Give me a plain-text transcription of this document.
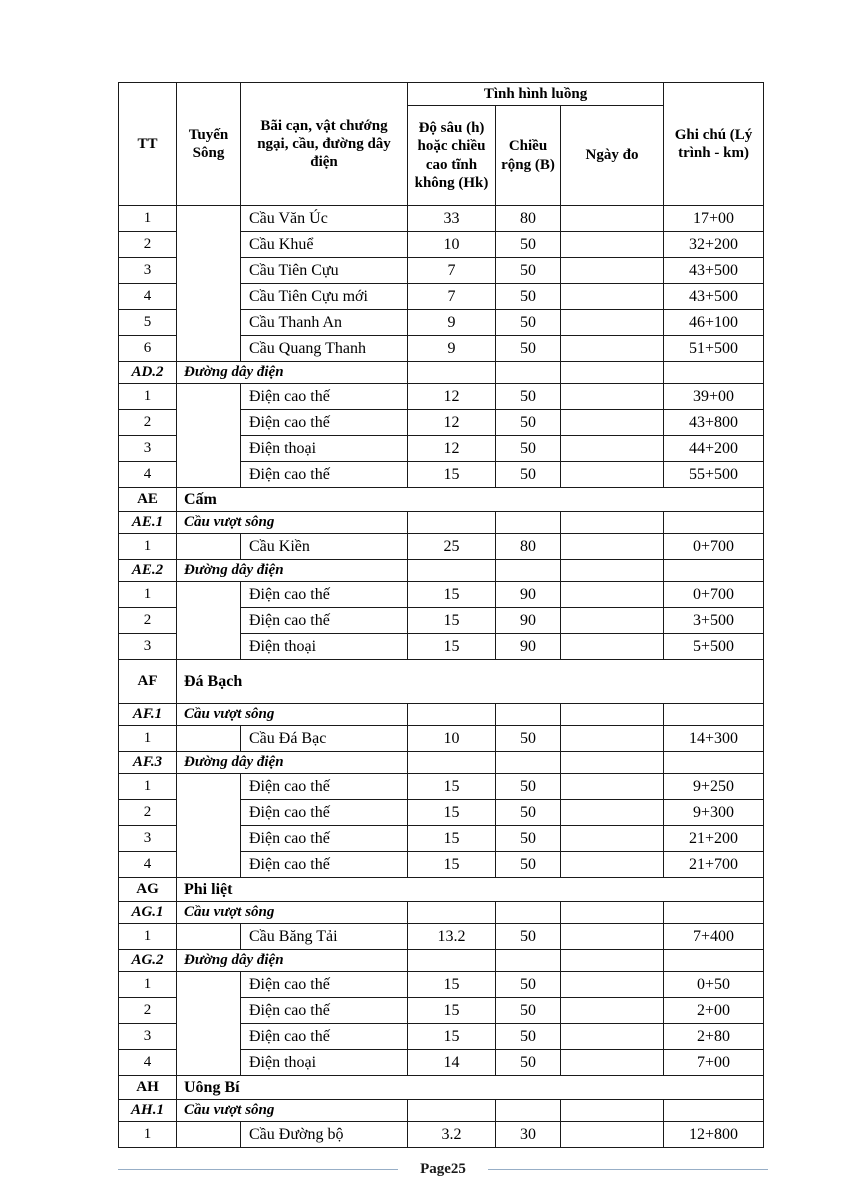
TT	Tuyến Sông	Bãi cạn, vật chướng ngại, cầu, đường dây điện	Tình hình luồng			Ghi chú (Lý trình - km)
			Độ sâu (h) hoặc chiều cao tĩnh không (Hk)	Chiều rộng (B)	Ngày đo	
1		Cầu Văn Úc	33	80		17+00
2		Cầu Khuể	10	50		32+200
3		Cầu Tiên Cựu	7	50		43+500
4		Cầu Tiên Cựu mới	7	50		43+500
5		Cầu Thanh An	9	50		46+100
6		Cầu Quang Thanh	9	50		51+500
AD.2	Đường dây điện					
1		Điện cao thế	12	50		39+00
2		Điện cao thế	12	50		43+800
3		Điện thoại	12	50		44+200
4		Điện cao thế	15	50		55+500
AE	Cấm					
AE.1	Cầu vượt sông					
1		Cầu Kiền	25	80		0+700
AE.2	Đường dây điện					
1		Điện cao thế	15	90		0+700
2		Điện cao thế	15	90		3+500
3		Điện thoại	15	90		5+500
AF	Đá Bạch					
AF.1	Cầu vượt sông					
1		Cầu Đá Bạc	10	50		14+300
AF.3	Đường dây điện					
1		Điện cao thế	15	50		9+250
2		Điện cao thế	15	50		9+300
3		Điện cao thế	15	50		21+200
4		Điện cao thế	15	50		21+700
AG	Phi liệt					
AG.1	Cầu vượt sông					
1		Cầu Băng Tải	13.2	50		7+400
AG.2	Đường dây điện					
1		Điện cao thế	15	50		0+50
2		Điện cao thế	15	50		2+00
3		Điện cao thế	15	50		2+80
4		Điện thoại	14	50		7+00
AH	Uông Bí					
AH.1	Cầu vượt sông					
1		Cầu Đường bộ	3.2	30		12+800
Page25
